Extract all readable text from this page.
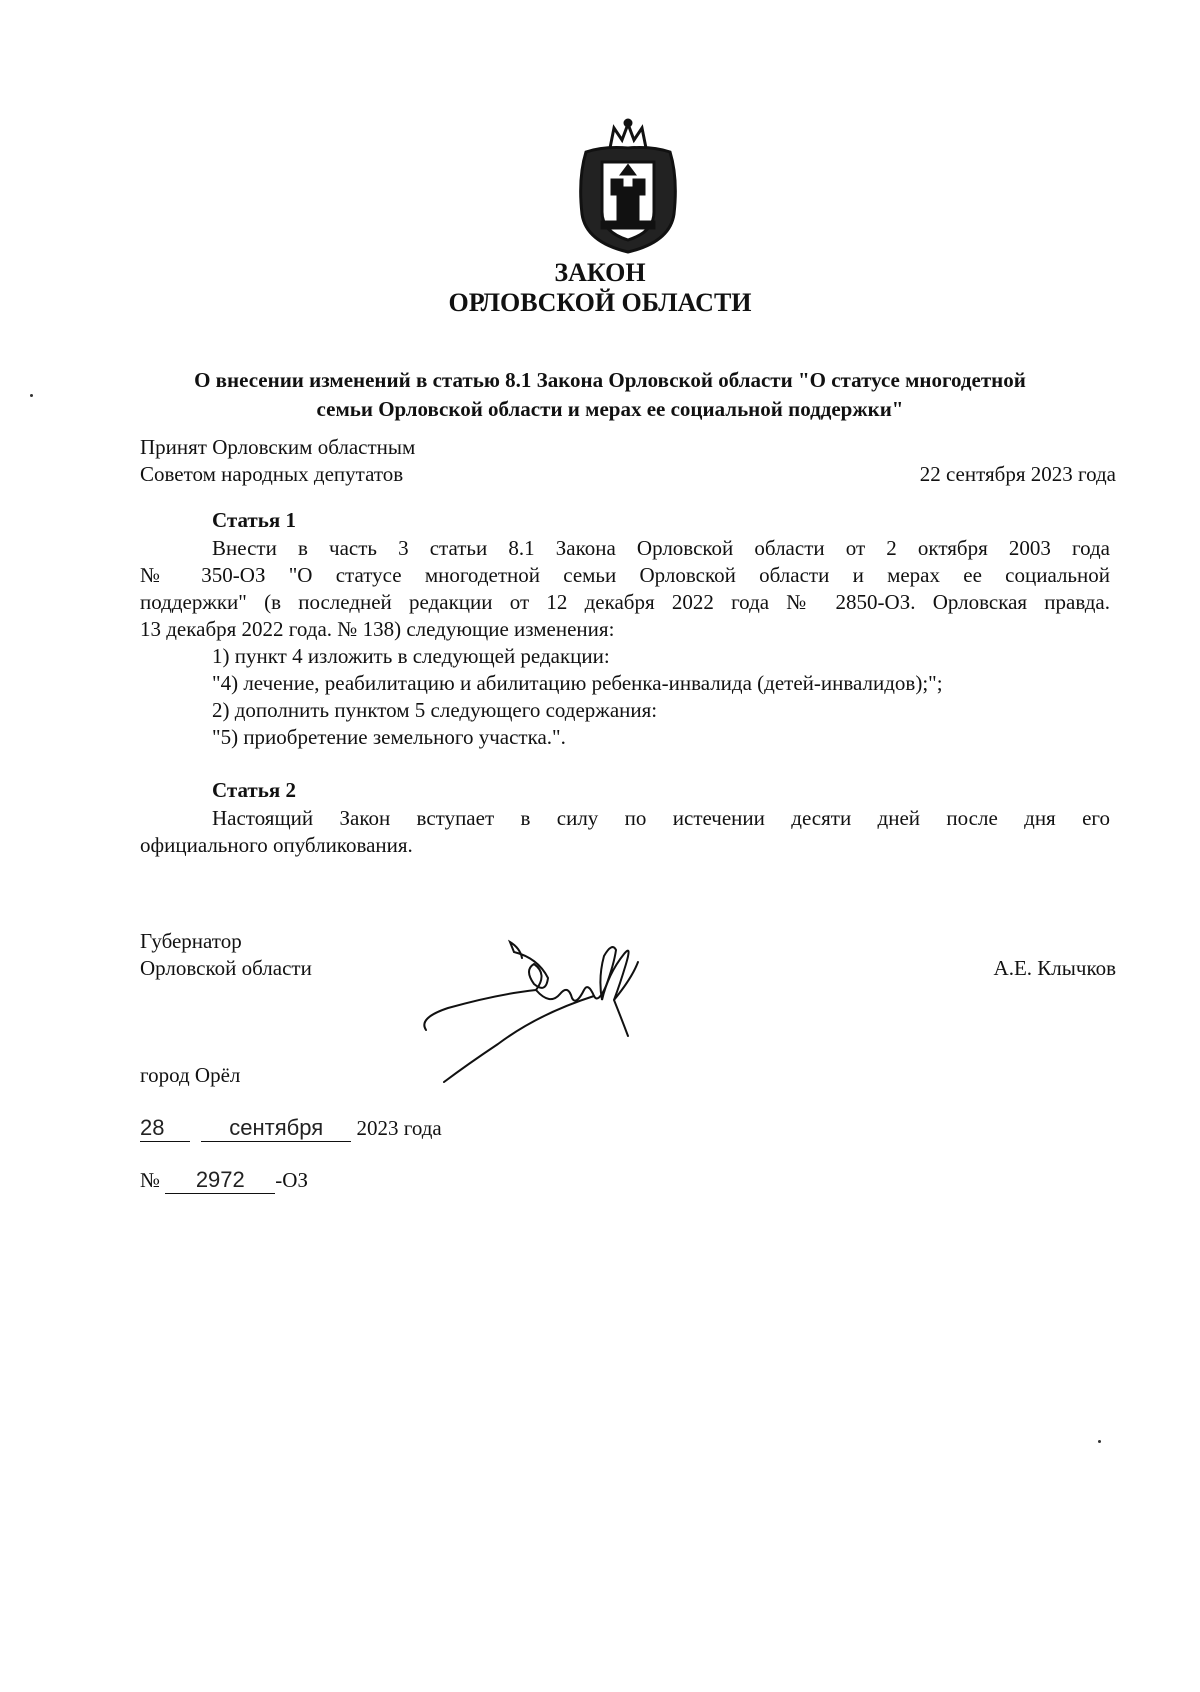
ЗАКОН
ОРЛОВСКОЙ ОБЛАСТИ
О внесении изменений в статью 8.1 Закона Орловской области "О статусе многодетной
семьи Орловской области и мерах ее социальной поддержки"
Принят Орловским областным
Советом народных депутатов	22 сентября 2023 года
Статья 1
Внести в часть 3 статьи 8.1 Закона Орловской области от 2 октября 2003 года
№ 350-ОЗ "О статусе многодетной семьи Орловской области и мерах ее социальной
поддержки" (в последней редакции от 12 декабря 2022 года № 2850-ОЗ. Орловская правда.
13 декабря 2022 года. № 138) следующие изменения:
1) пункт 4 изложить в следующей редакции:
"4) лечение, реабилитацию и абилитацию ребенка-инвалида (детей-инвалидов);";
2) дополнить пунктом 5 следующего содержания:
"5) приобретение земельного участка.".
Статья 2
Настоящий Закон вступает в силу по истечении десяти дней после дня его
официального опубликования.
Губернатор
Орловской области	А.Е. Клычков
город Орёл
28	сентября 2023 года
№ 2972 -ОЗ
